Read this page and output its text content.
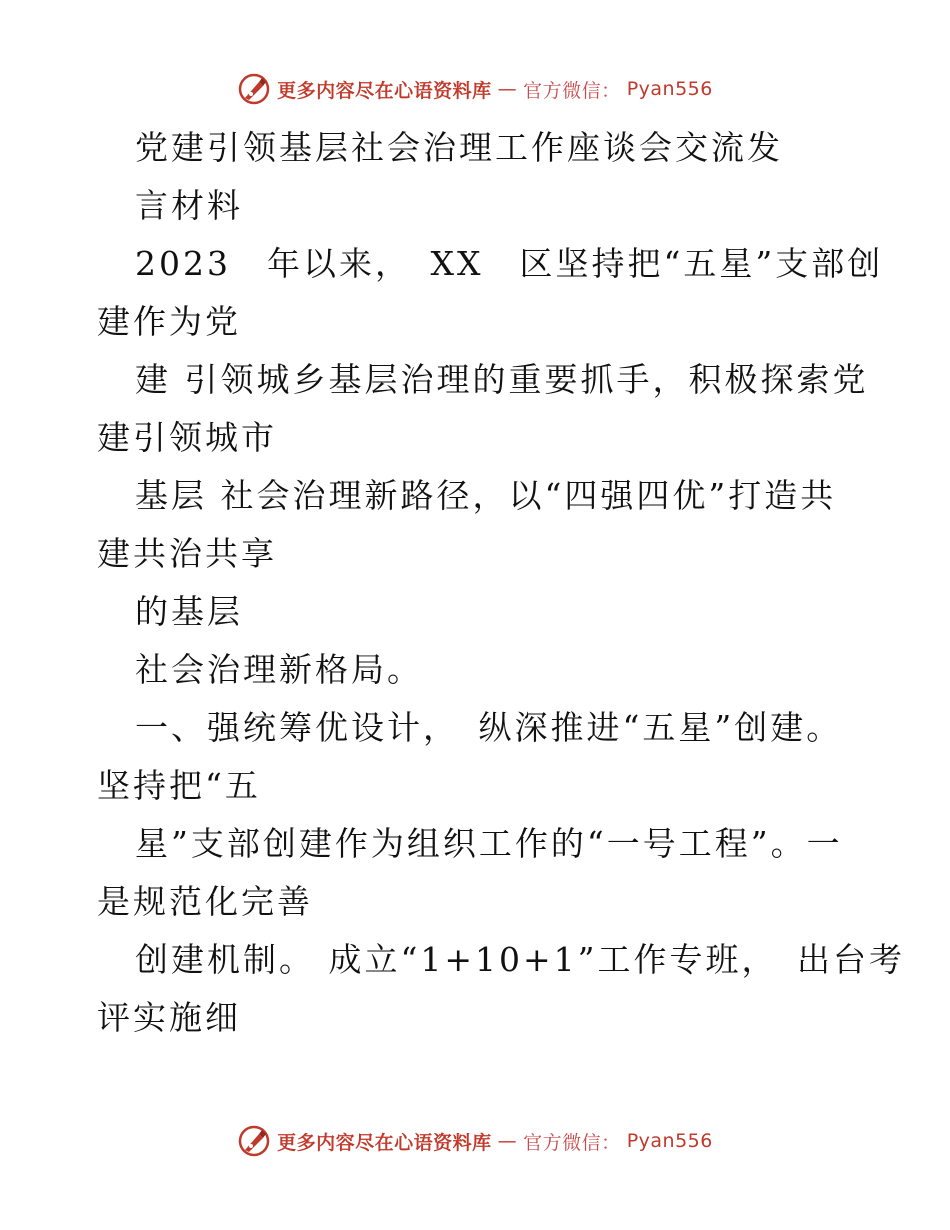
更多内容尽在心语资料库 — 官方微信： Pyan556
党建引领基层社会治理工作座谈会交流发
言材料
2023　年以来，　XX　区坚持把“五星”支部创
建作为党
建 引领城乡基层治理的重要抓手，积极探索党
建引领城市
基层 社会治理新路径，以“四强四优”打造共
建共治共享
的基层
社会治理新格局。
一、强统筹优设计，　纵深推进“五星”创建。
坚持把“五
星”支部创建作为组织工作的“一号工程”。一
是规范化完善
创建机制。 成立“1+10+1”工作专班，　出台考
评实施细
更多内容尽在心语资料库 — 官方微信： Pyan556
